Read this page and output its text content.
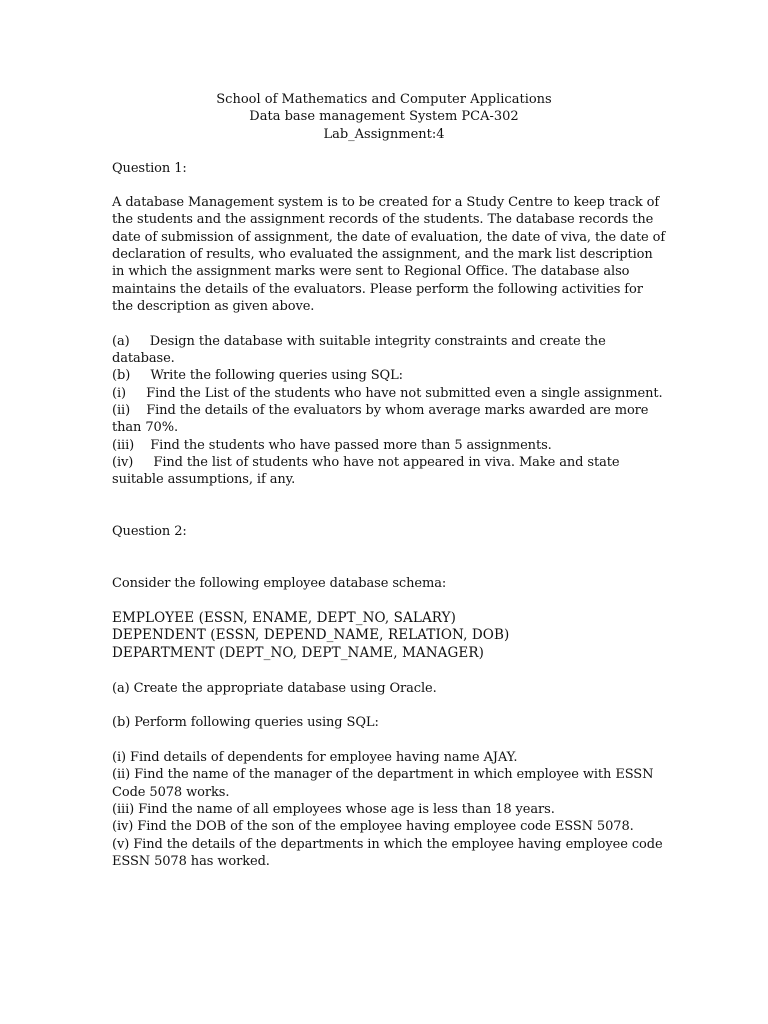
School of Mathematics and Computer Applications

Data base management System PCA-302

Lab_Assignment:4

Question 1:

A database Management system is to be created for a Study Centre to keep track of

the students and the assignment records of the students. The database records the

date of submission of assignment, the date of evaluation, the date of viva, the date of

declaration of results, who evaluated the assignment, and the mark list description

in which the assignment marks were sent to Regional Office. The database also

maintains the details of the evaluators. Please perform the following activities for

the description as given above.

(a)     Design the database with suitable integrity constraints and create the

database.

(b)     Write the following queries using SQL:

(i)     Find the List of the students who have not submitted even a single assignment.

(ii)    Find the details of the evaluators by whom average marks awarded are more

than 70%.

(iii)    Find the students who have passed more than 5 assignments.

(iv)     Find the list of students who have not appeared in viva. Make and state

suitable assumptions, if any.

Question 2:

Consider the following employee database schema:

EMPLOYEE (ESSN, ENAME, DEPT_NO, SALARY)

DEPENDENT (ESSN, DEPEND_NAME, RELATION, DOB)

DEPARTMENT (DEPT_NO, DEPT_NAME, MANAGER)

(a) Create the appropriate database using Oracle.

(b) Perform following queries using SQL:

(i) Find details of dependents for employee having name AJAY.

(ii) Find the name of the manager of the department in which employee with ESSN

Code 5078 works.

(iii) Find the name of all employees whose age is less than 18 years.

(iv) Find the DOB of the son of the employee having employee code ESSN 5078.

(v) Find the details of the departments in which the employee having employee code

ESSN 5078 has worked.
